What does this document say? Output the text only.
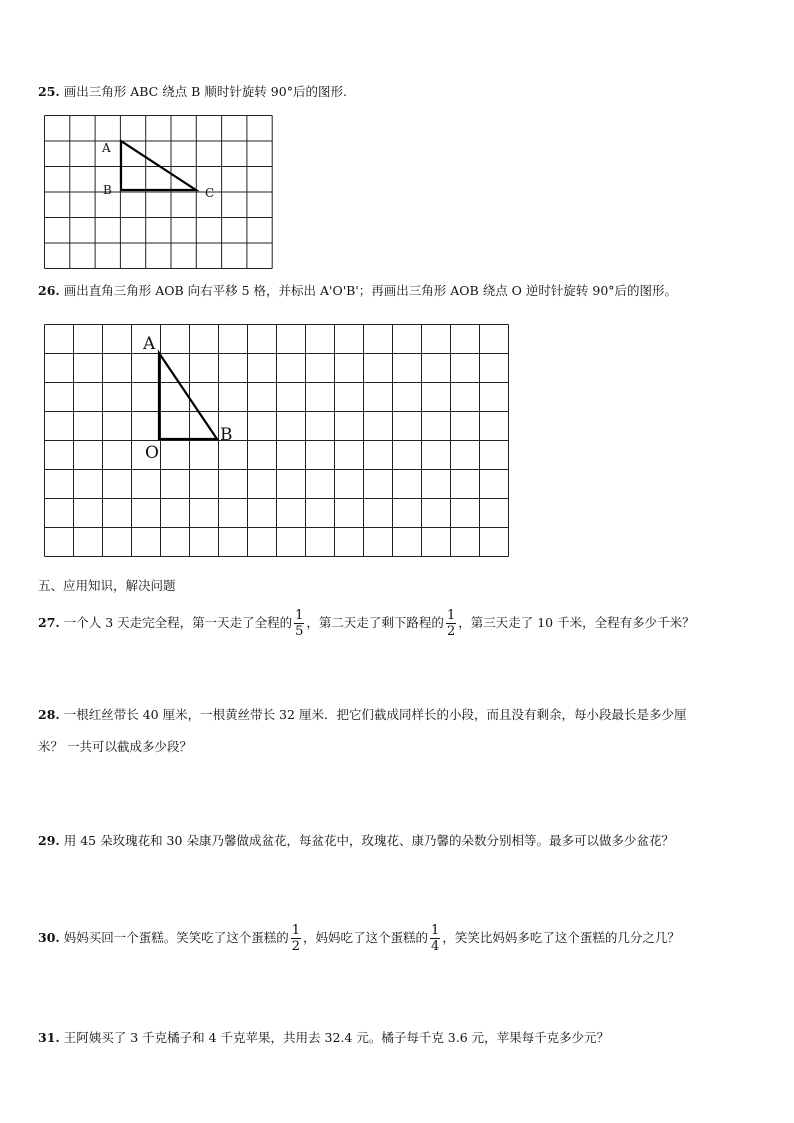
25. 画出三角形 ABC 绕点 B 顺时针旋转 90°后的图形.
A
B	C
26. 画出直角三角形 AOB 向右平移 5 格，并标出 A'O'B'；再画出三角形 AOB 绕点 O 逆时针旋转 90°后的图形。
A
O
B
五、应用知识，解决问题
27. 一个人 3 天走完全程，第一天走了全程的 $\frac{1}{5}$ ，第二天走了剩下路程的 $\frac{1}{2}$ ，第三天走了 10 千米，全程有多少千米？
28. 一根红丝带长 40 厘米，一根黄丝带长 32 厘米．把它们截成同样长的小段，而且没有剩余，每小段最长是多少厘
米？ 一共可以截成多少段？
29. 用 45 朵玫瑰花和 30 朵康乃馨做成盆花，每盆花中，玫瑰花、康乃馨的朵数分别相等。最多可以做多少盆花？
30. 妈妈买回一个蛋糕。笑笑吃了这个蛋糕的 $\frac{1}{2}$ ，妈妈吃了这个蛋糕的 $\frac{1}{4}$ ，笑笑比妈妈多吃了这个蛋糕的几分之几？
31. 王阿姨买了 3 千克橘子和 4 千克苹果，共用去 32.4 元。橘子每千克 3.6 元，苹果每千克多少元？
